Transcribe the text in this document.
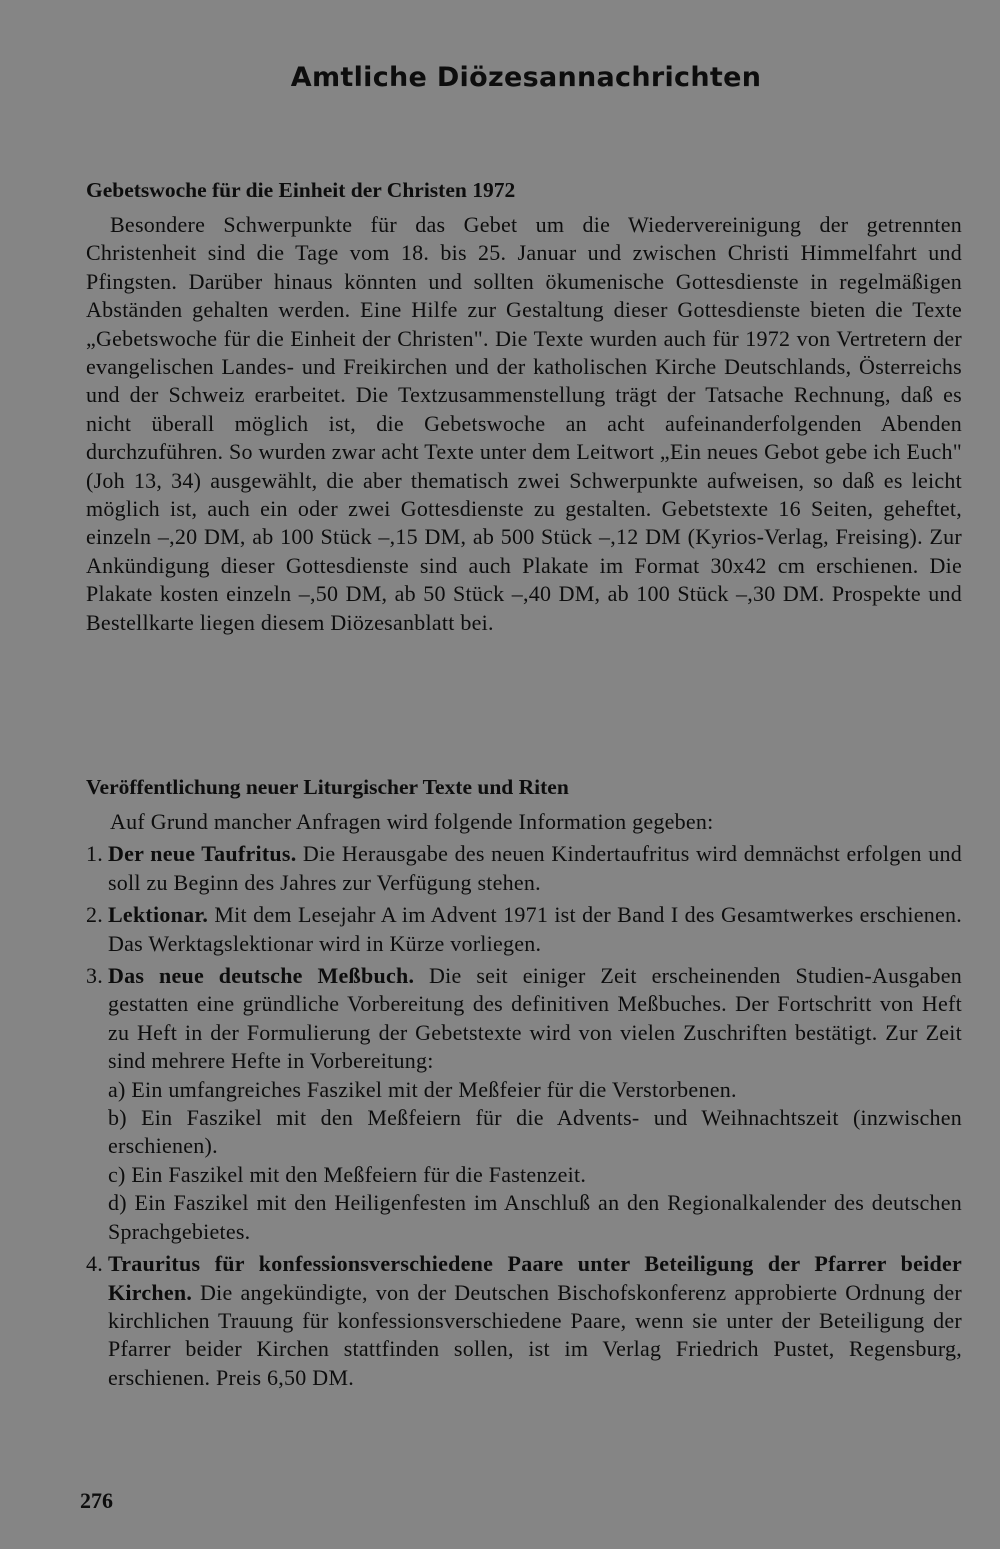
Amtliche Diözesannachrichten
Gebetswoche für die Einheit der Christen 1972

Besondere Schwerpunkte für das Gebet um die Wiedervereinigung der getrennten Christenheit sind die Tage vom 18. bis 25. Januar und zwischen Christi Himmelfahrt und Pfingsten. Darüber hinaus könnten und sollten ökumenische Gottesdienste in regelmäßigen Abständen gehalten werden. Eine Hilfe zur Gestaltung dieser Gottesdienste bieten die Texte „Gebetswoche für die Einheit der Christen". Die Texte wurden auch für 1972 von Vertretern der evangelischen Landes- und Freikirchen und der katholischen Kirche Deutschlands, Österreichs und der Schweiz erarbeitet. Die Textzusammenstellung trägt der Tatsache Rechnung, daß es nicht überall möglich ist, die Gebetswoche an acht aufeinanderfolgenden Abenden durchzuführen. So wurden zwar acht Texte unter dem Leitwort „Ein neues Gebot gebe ich Euch" (Joh 13, 34) ausgewählt, die aber thematisch zwei Schwerpunkte aufweisen, so daß es leicht möglich ist, auch ein oder zwei Gottesdienste zu gestalten. Gebetstexte 16 Seiten, geheftet, einzeln –,20 DM, ab 100 Stück –,15 DM, ab 500 Stück –,12 DM (Kyrios-Verlag, Freising). Zur Ankündigung dieser Gottesdienste sind auch Plakate im Format 30x42 cm erschienen. Die Plakate kosten einzeln –,50 DM, ab 50 Stück –,40 DM, ab 100 Stück –,30 DM. Prospekte und Bestellkarte liegen diesem Diözesanblatt bei.

Veröffentlichung neuer Liturgischer Texte und Riten

Auf Grund mancher Anfragen wird folgende Information gegeben:

1. Der neue Taufritus. Die Herausgabe des neuen Kindertaufritus wird demnächst erfolgen und soll zu Beginn des Jahres zur Verfügung stehen.
2. Lektionar. Mit dem Lesejahr A im Advent 1971 ist der Band I des Gesamtwerkes erschienen. Das Werktagslektionar wird in Kürze vorliegen.
3. Das neue deutsche Meßbuch. Die seit einiger Zeit erscheinenden Studien-Ausgaben gestatten eine gründliche Vorbereitung des definitiven Meßbuches. Der Fortschritt von Heft zu Heft in der Formulierung der Gebetstexte wird von vielen Zuschriften bestätigt. Zur Zeit sind mehrere Hefte in Vorbereitung:
a) Ein umfangreiches Faszikel mit der Meßfeier für die Verstorbenen.
b) Ein Faszikel mit den Meßfeiern für die Advents- und Weihnachtszeit (inzwischen erschienen).
c) Ein Faszikel mit den Meßfeiern für die Fastenzeit.
d) Ein Faszikel mit den Heiligenfesten im Anschluß an den Regionalkalender des deutschen Sprachgebietes.
4. Trauritus für konfessionsverschiedene Paare unter Beteiligung der Pfarrer beider Kirchen. Die angekündigte, von der Deutschen Bischofskonferenz approbierte Ordnung der kirchlichen Trauung für konfessionsverschiedene Paare, wenn sie unter der Beteiligung der Pfarrer beider Kirchen stattfinden sollen, ist im Verlag Friedrich Pustet, Regensburg, erschienen. Preis 6,50 DM.
276
